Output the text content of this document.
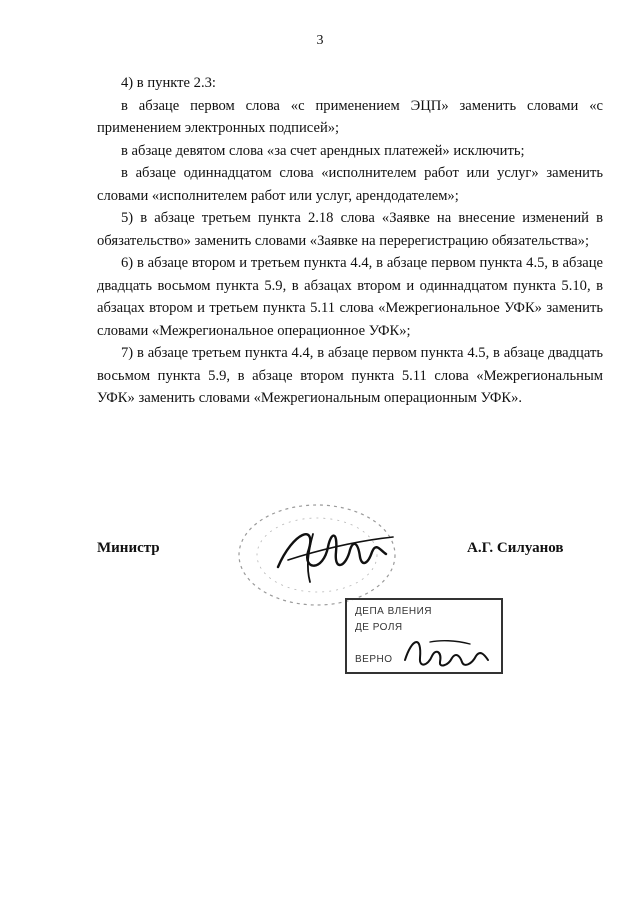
3

4) в пункте 2.3:

в абзаце первом слова «с применением ЭЦП» заменить словами «с применением электронных подписей»;

в абзаце девятом слова «за счет арендных платежей» исключить;

в абзаце одиннадцатом слова «исполнителем работ или услуг» заменить словами «исполнителем работ или услуг, арендодателем»;

5) в абзаце третьем пункта 2.18 слова «Заявке на внесение изменений в обязательство» заменить словами «Заявке на перерегистрацию обязательства»;

6) в абзаце втором и третьем пункта 4.4, в абзаце первом пункта 4.5, в абзаце двадцать восьмом пункта 5.9, в абзацах втором и одиннадцатом пункта 5.10, в абзацах втором и третьем пункта 5.11 слова «Межрегиональное УФК» заменить словами «Межрегиональное операционное УФК»;

7) в абзаце третьем пункта 4.4, в абзаце первом пункта 4.5, в абзаце двадцать восьмом пункта 5.9, в абзаце втором пункта 5.11 слова «Межрегиональным УФК» заменить словами «Межрегиональным операционным УФК».

Министр	А.Г. Силуанов
ДЕПА ВЛЕНИЯ
ДЕ РОЛЯ
ВЕРНО
